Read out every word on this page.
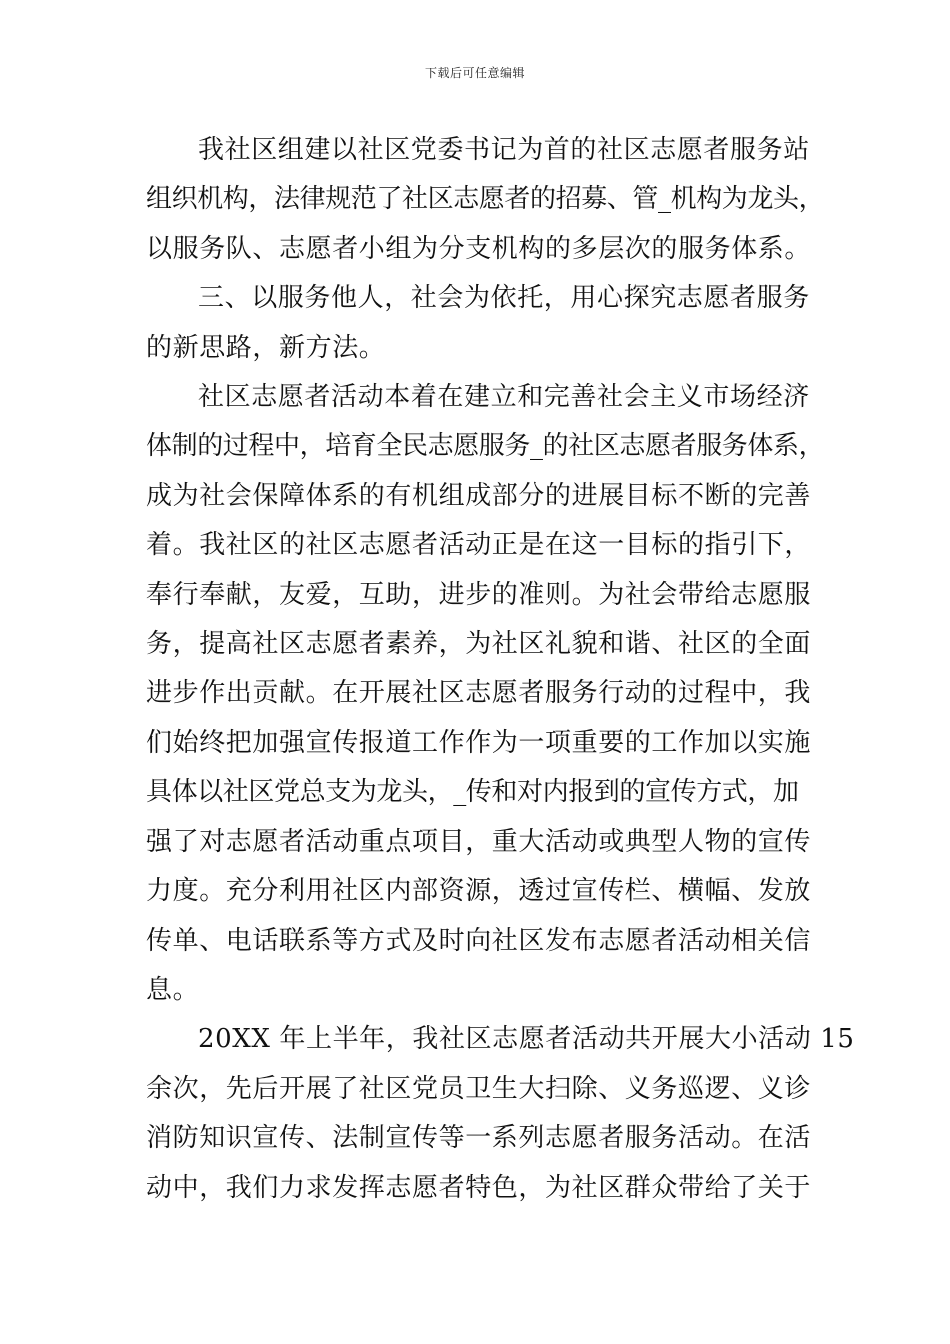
下载后可任意编辑

我社区组建以社区党委书记为首的社区志愿者服务站
组织机构，法律规范了社区志愿者的招募、管_机构为龙头，
以服务队、志愿者小组为分支机构的多层次的服务体系。

三、以服务他人，社会为依托，用心探究志愿者服务
的新思路，新方法。

社区志愿者活动本着在建立和完善社会主义市场经济
体制的过程中，培育全民志愿服务_的社区志愿者服务体系，
成为社会保障体系的有机组成部分的进展目标不断的完善
着。我社区的社区志愿者活动正是在这一目标的指引下，
奉行奉献，友爱，互助，进步的准则。为社会带给志愿服
务，提高社区志愿者素养，为社区礼貌和谐、社区的全面
进步作出贡献。在开展社区志愿者服务行动的过程中，我
们始终把加强宣传报道工作作为一项重要的工作加以实施
具体以社区党总支为龙头，_传和对内报到的宣传方式，加
强了对志愿者活动重点项目，重大活动或典型人物的宣传
力度。充分利用社区内部资源，透过宣传栏、横幅、发放
传单、电话联系等方式及时向社区发布志愿者活动相关信
息。

20XX 年上半年，我社区志愿者活动共开展大小活动 15
余次，先后开展了社区党员卫生大扫除、义务巡逻、义诊
消防知识宣传、法制宣传等一系列志愿者服务活动。在活
动中，我们力求发挥志愿者特色，为社区群众带给了关于
